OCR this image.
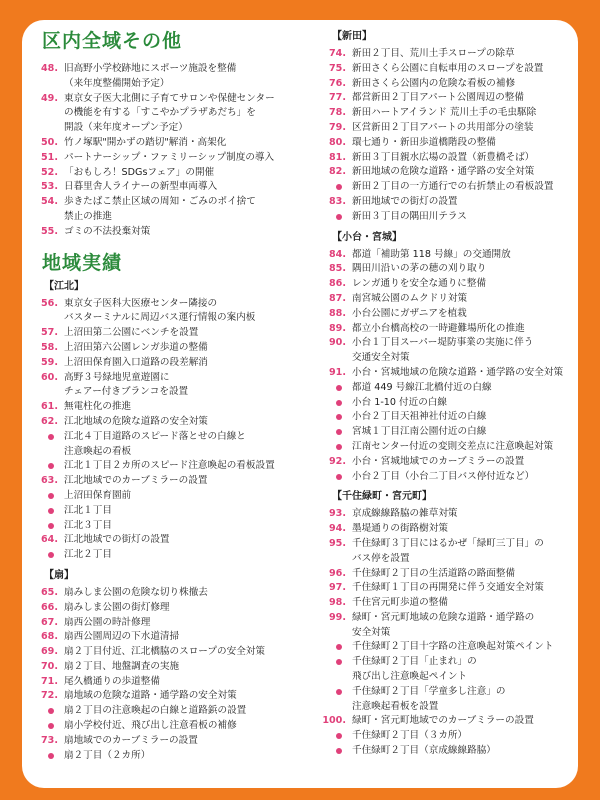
区内全域その他
48. 旧高野小学校跡地にスポーツ施設を整備
（来年度整備開始予定）
49. 東京女子医大北側に子育てサロンや保健センター
の機能を有する「すこやかプラザあだち」を
開設（来年度オープン予定）
50. 竹ノ塚駅"開かずの踏切"解消・高架化
51. パートナーシップ・ファミリーシップ制度の導入
52. 「おもしろ！SDGsフェア」の開催
53. 日暮里舎人ライナーの新型車両導入
54. 歩きたばこ禁止区域の周知・ごみのポイ捨て
禁止の推進
55. ゴミの不法投棄対策
地域実績
【江北】
56. 東京女子医科大医療センター隣接の
バスターミナルに周辺バス運行情報の案内板
57. 上沼田第二公園にベンチを設置
58. 上沼田第六公園レンガ歩道の整備
59. 上沼田保育園入口道路の段差解消
60. 高野３号緑地児童遊園に
チェアー付きブランコを設置
61. 無電柱化の推進
62. 江北地域の危険な道路の安全対策
江北４丁目道路のスピード落とせの白線と
注意喚起の看板
江北１丁目２カ所のスピード注意喚起の看板設置
63. 江北地域でのカーブミラーの設置
上沼田保育園前
江北１丁目
江北３丁目
64. 江北地域での街灯の設置
江北２丁目
【扇】
65. 扇みしま公園の危険な切り株撤去
66. 扇みしま公園の街灯修理
67. 扇西公園の時計修理
68. 扇西公園周辺の下水道清掃
69. 扇２丁目付近、江北橋脇のスロープの安全対策
70. 扇２丁目、地盤調査の実施
71. 尾久橋通りの歩道整備
72. 扇地域の危険な道路・通学路の安全対策
扇２丁目の注意喚起の白線と道路鋲の設置
扇小学校付近、飛び出し注意看板の補修
73. 扇地域でのカーブミラーの設置
扇２丁目（２カ所）
【新田】
74. 新田２丁目、荒川土手スロープの除草
75. 新田さくら公園に自転車用のスロープを設置
76. 新田さくら公園内の危険な看板の補修
77. 都営新田２丁目アパート公園周辺の整備
78. 新田ハートアイランド 荒川土手の毛虫駆除
79. 区営新田２丁目アパートの共用部分の塗装
80. 環七通り・新田歩道橋階段の整備
81. 新田３丁目親水広場の設置（新豊橋そば）
82. 新田地域の危険な道路・通学路の安全対策
新田２丁目の一方通行での右折禁止の看板設置
83. 新田地域での街灯の設置
新田３丁目の隅田川テラス
【小台・宮城】
84. 都道「補助第 118 号線」の交通開放
85. 隅田川沿いの茅の穂の刈り取り
86. レンガ通りを安全な通りに整備
87. 南宮城公園のムクドリ対策
88. 小台公園にガザニアを植栽
89. 都立小台橋高校の一時避難場所化の推進
90. 小台１丁目スーパー堤防事業の実施に伴う
交通安全対策
91. 小台・宮城地域の危険な道路・通学路の安全対策
都道 449 号線江北橋付近の白線
小台 1-10 付近の白線
小台２丁目天祖神社付近の白線
宮城１丁目江南公園付近の白線
江南センター付近の変則交差点に注意喚起対策
92. 小台・宮城地域でのカーブミラーの設置
小台２丁目（小台二丁目バス停付近など）
【千住緑町・宮元町】
93. 京成線線路脇の雑草対策
94. 墨堤通りの街路樹対策
95. 千住緑町３丁目にはるかぜ「緑町三丁目」の
バス停を設置
96. 千住緑町２丁目の生活道路の路面整備
97. 千住緑町１丁目の再開発に伴う交通安全対策
98. 千住宮元町歩道の整備
99. 緑町・宮元町地域の危険な道路・通学路の
安全対策
千住緑町２丁目十字路の注意喚起対策ペイント
千住緑町２丁目「止まれ」の
飛び出し注意喚起ペイント
千住緑町２丁目「学童多し注意」の
注意喚起看板を設置
100. 緑町・宮元町地域でのカーブミラーの設置
千住緑町２丁目（３カ所）
千住緑町２丁目（京成線線路脇）
